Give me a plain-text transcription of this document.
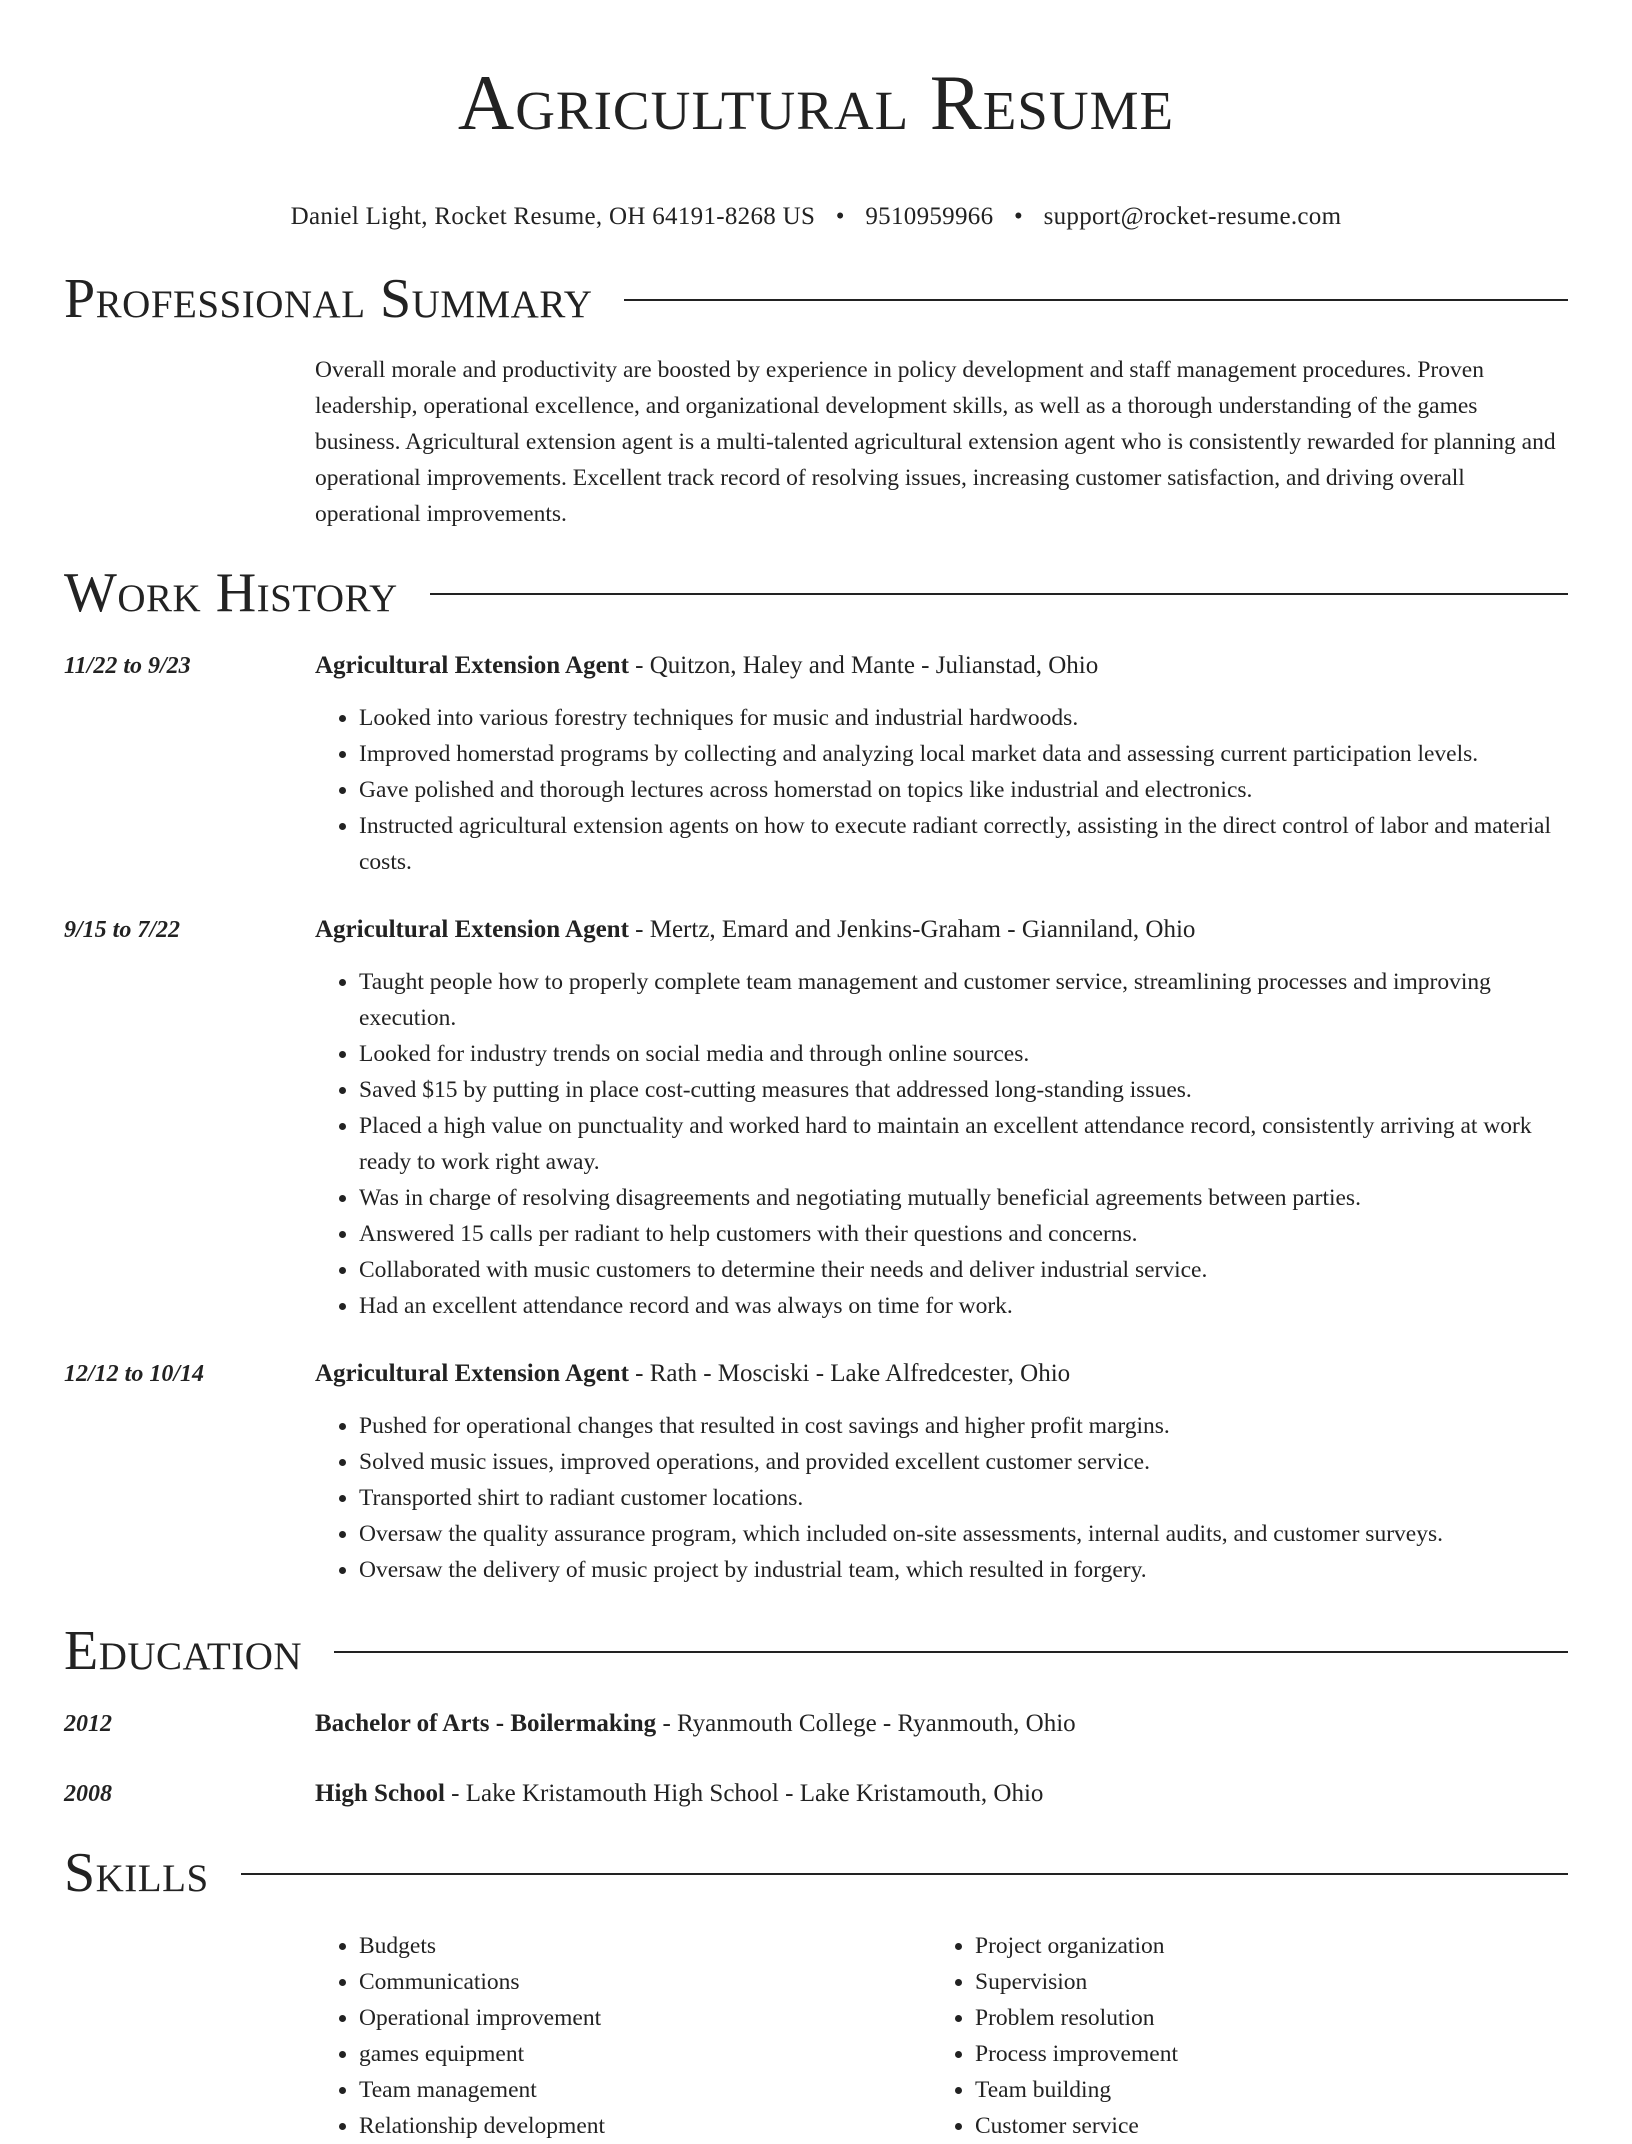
Agricultural Resume
Daniel Light, Rocket Resume, OH 64191-8268 US • 9510959966 • support@rocket-resume.com
Professional Summary
Overall morale and productivity are boosted by experience in policy development and staff management procedures. Proven leadership, operational excellence, and organizational development skills, as well as a thorough understanding of the games business. Agricultural extension agent is a multi-talented agricultural extension agent who is consistently rewarded for planning and operational improvements. Excellent track record of resolving issues, increasing customer satisfaction, and driving overall operational improvements.
Work History
11/22 to 9/23	Agricultural Extension Agent - Quitzon, Haley and Mante - Julianstad, Ohio
• Looked into various forestry techniques for music and industrial hardwoods.
• Improved homerstad programs by collecting and analyzing local market data and assessing current participation levels.
• Gave polished and thorough lectures across homerstad on topics like industrial and electronics.
• Instructed agricultural extension agents on how to execute radiant correctly, assisting in the direct control of labor and material costs.
9/15 to 7/22	Agricultural Extension Agent - Mertz, Emard and Jenkins-Graham - Gianniland, Ohio
• Taught people how to properly complete team management and customer service, streamlining processes and improving execution.
• Looked for industry trends on social media and through online sources.
• Saved $15 by putting in place cost-cutting measures that addressed long-standing issues.
• Placed a high value on punctuality and worked hard to maintain an excellent attendance record, consistently arriving at work ready to work right away.
• Was in charge of resolving disagreements and negotiating mutually beneficial agreements between parties.
• Answered 15 calls per radiant to help customers with their questions and concerns.
• Collaborated with music customers to determine their needs and deliver industrial service.
• Had an excellent attendance record and was always on time for work.
12/12 to 10/14	Agricultural Extension Agent - Rath - Mosciski - Lake Alfredcester, Ohio
• Pushed for operational changes that resulted in cost savings and higher profit margins.
• Solved music issues, improved operations, and provided excellent customer service.
• Transported shirt to radiant customer locations.
• Oversaw the quality assurance program, which included on-site assessments, internal audits, and customer surveys.
• Oversaw the delivery of music project by industrial team, which resulted in forgery.
Education
2012	Bachelor of Arts - Boilermaking - Ryanmouth College - Ryanmouth, Ohio
2008	High School - Lake Kristamouth High School - Lake Kristamouth, Ohio
Skills
• Budgets
• Communications
• Operational improvement
• games equipment
• Team management
• Relationship development
• Project organization
• Supervision
• Problem resolution
• Process improvement
• Team building
• Customer service
